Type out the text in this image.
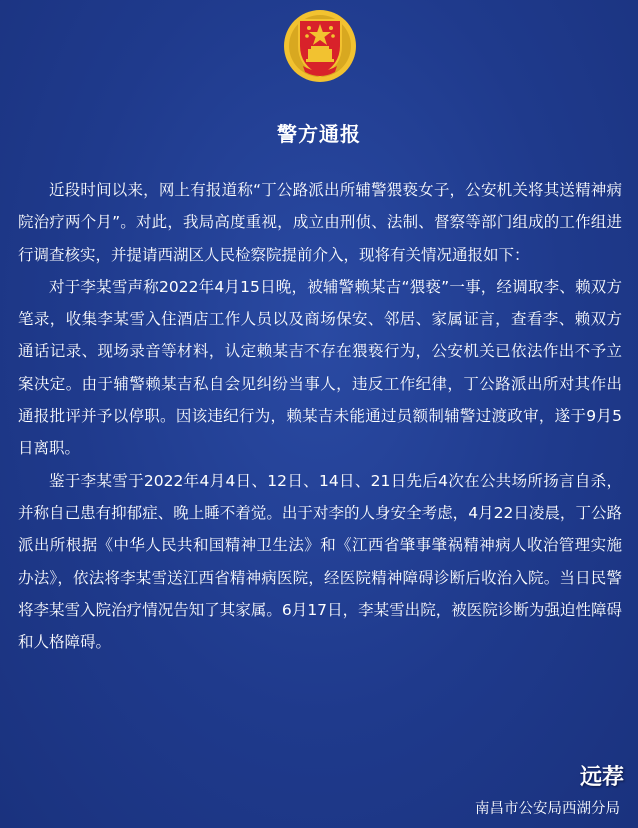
警方通报

近段时间以来，网上有报道称“丁公路派出所辅警猥亵女子，公安机关将其送精神病院治疗两个月”。对此，我局高度重视，成立由刑侦、法制、督察等部门组成的工作组进行调查核实，并提请西湖区人民检察院提前介入，现将有关情况通报如下：

对于李某雪声称2022年4月15日晚，被辅警赖某吉“猥亵”一事，经调取李、赖双方笔录，收集李某雪入住酒店工作人员以及商场保安、邻居、家属证言，查看李、赖双方通话记录、现场录音等材料，认定赖某吉不存在猥亵行为，公安机关已依法作出不予立案决定。由于辅警赖某吉私自会见纠纷当事人，违反工作纪律，丁公路派出所对其作出通报批评并予以停职。因该违纪行为，赖某吉未能通过员额制辅警过渡政审，遂于9月5日离职。

鉴于李某雪于2022年4月4日、12日、14日、21日先后4次在公共场所扬言自杀，并称自己患有抑郁症、晚上睡不着觉。出于对李的人身安全考虑，4月22日凌晨，丁公路派出所根据《中华人民共和国精神卫生法》和《江西省肇事肇祸精神病人收治管理实施办法》，依法将李某雪送江西省精神病医院，经医院精神障碍诊断后收治入院。当日民警将李某雪入院治疗情况告知了其家属。6月17日，李某雪出院，被医院诊断为强迫性障碍和人格障碍。

远荐
南昌市公安局西湖分局
